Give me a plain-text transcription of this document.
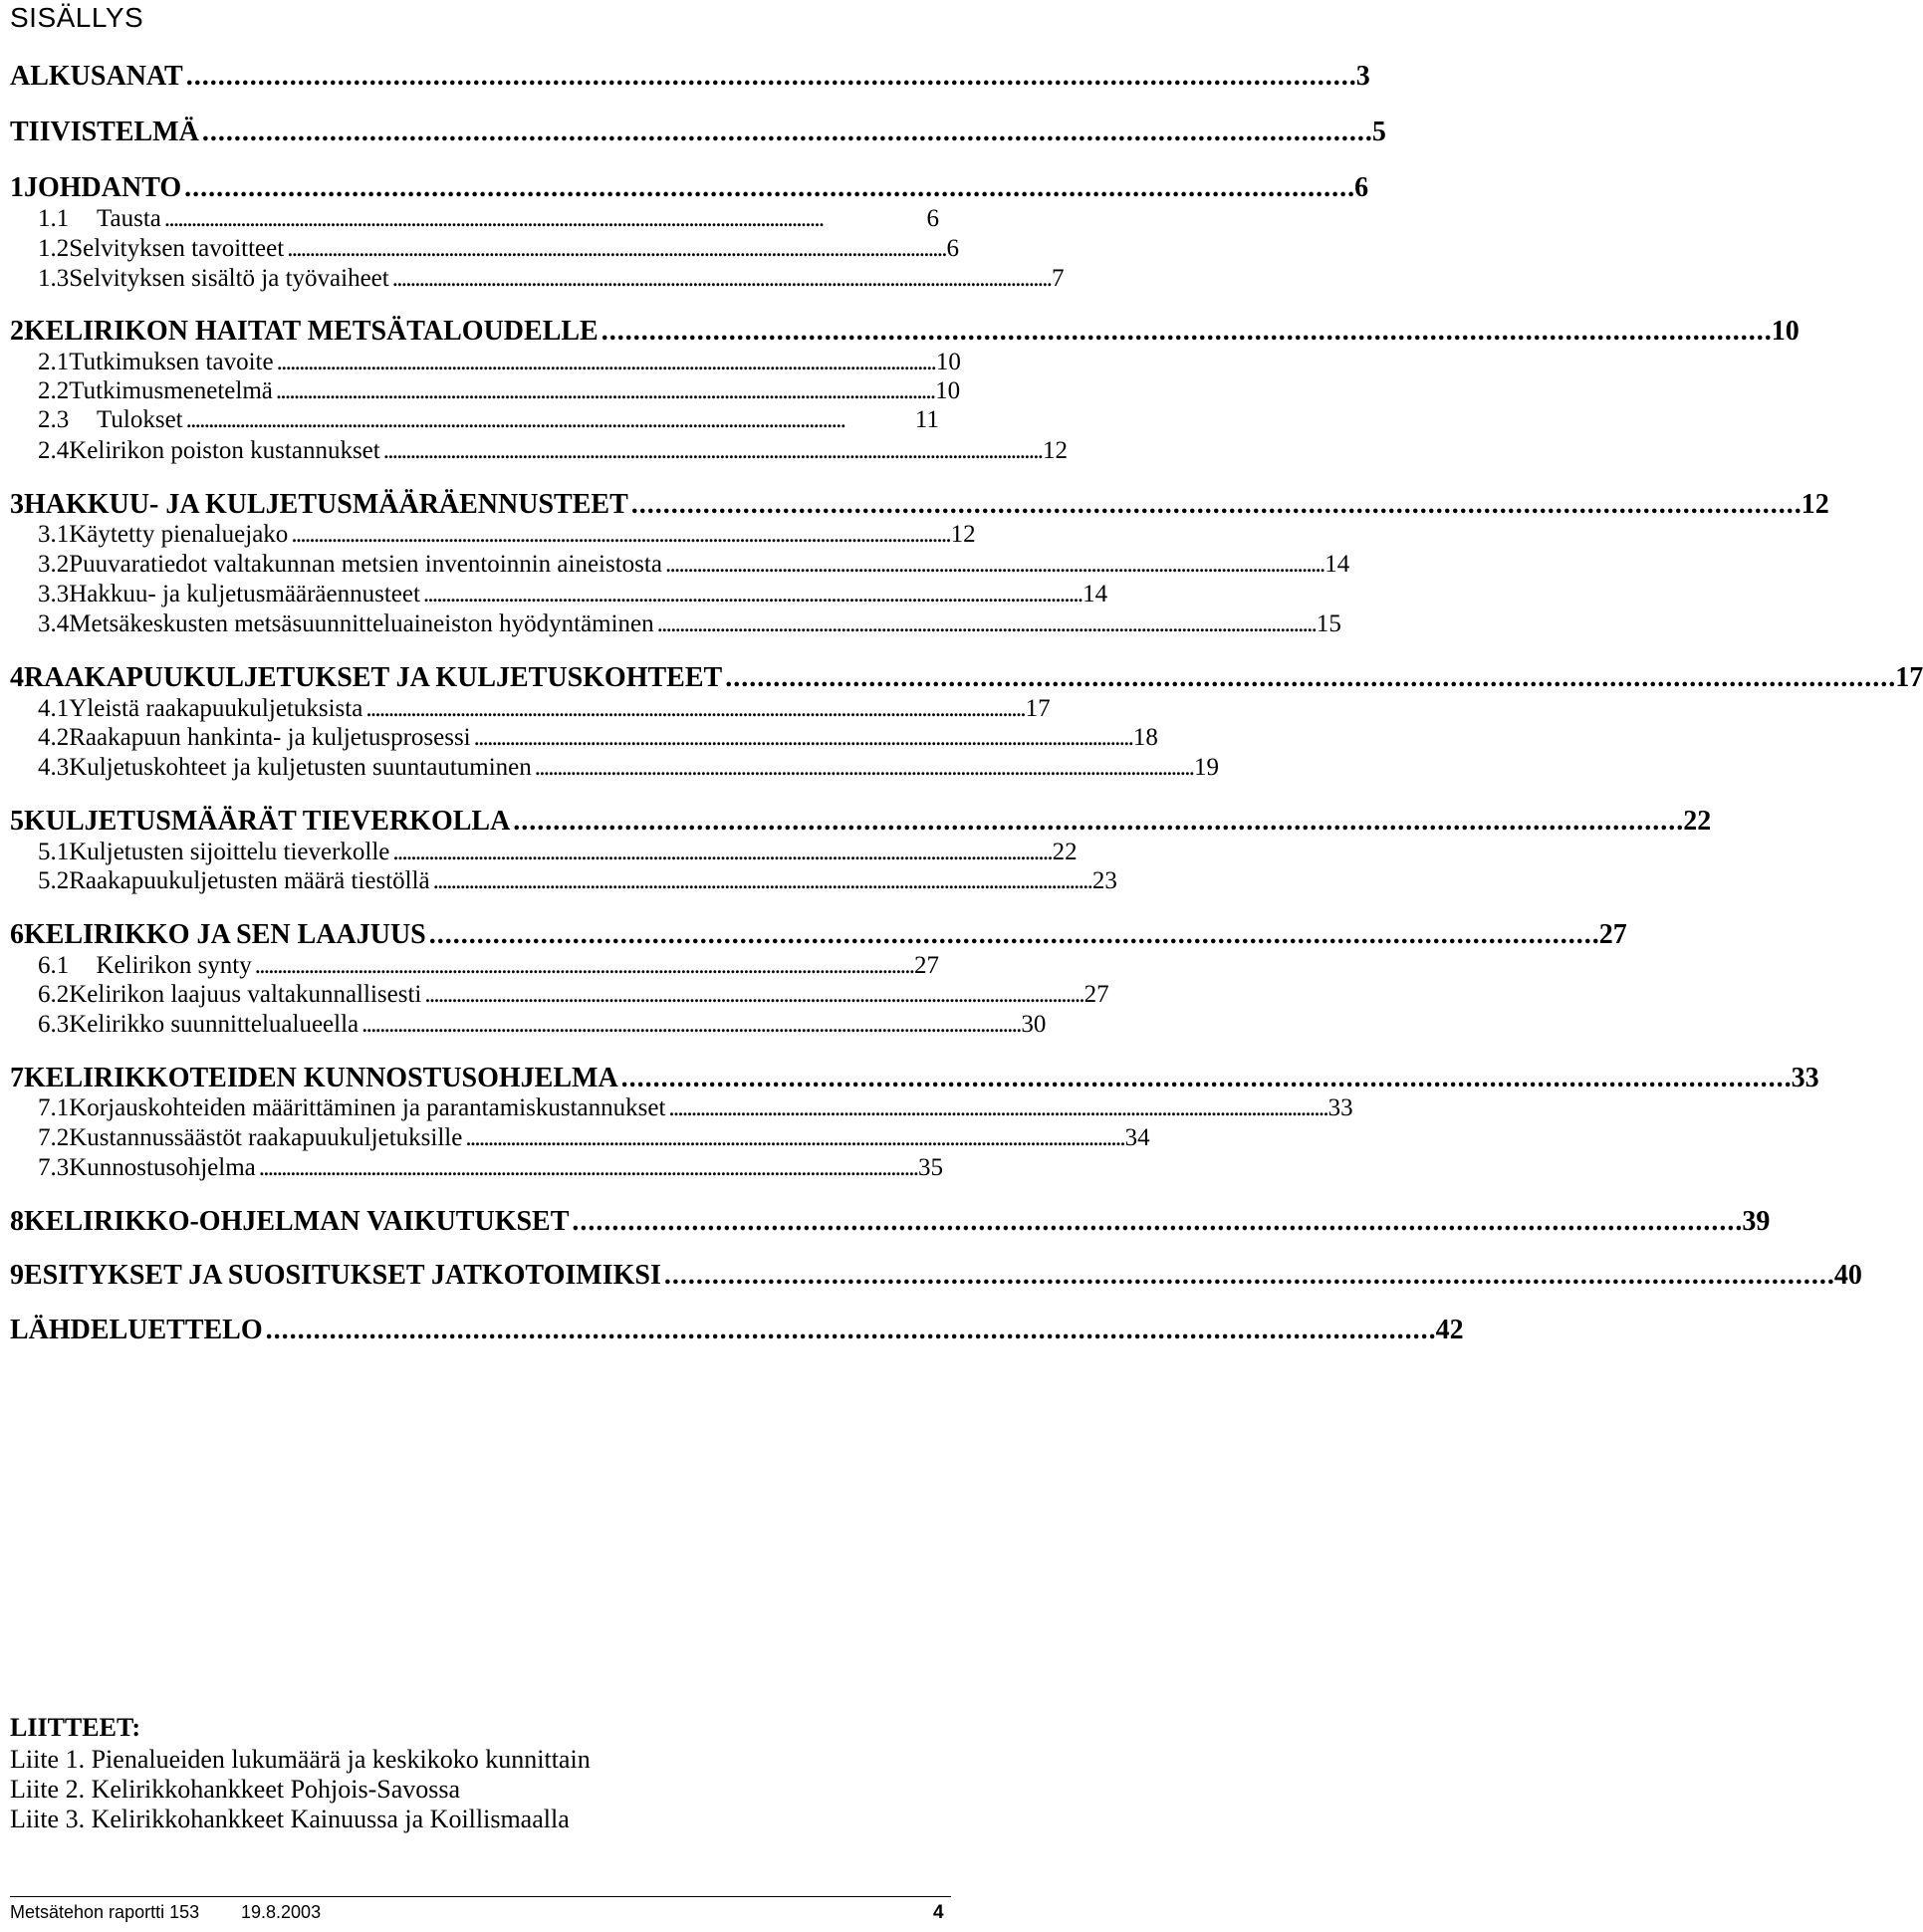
SISÄLLYS
ALKUSANAT . . .	3
TIIVISTELMÄ . . .	5
1 JOHDANTO . . .	6
1.1	Tausta . . .	6
1.2 Selvityksen tavoitteet . . .	6
1.3 Selvityksen sisältö ja työvaiheet . . .	7
2 KELIRIKON HAITAT METSÄTALOUDELLE . . .	10
2.1 Tutkimuksen tavoite . . .	10
2.2 Tutkimusmenetelmä . . .	10
2.3	Tulokset . . .	11
2.4 Kelirikon poiston kustannukset . . .	12
3 HAKKUU- JA KULJETUSMÄÄRÄENNUSTEET . . .	12
3.1 Käytetty pienaluejako . . .	12
3.2 Puuvaratiedot valtakunnan metsien inventoinnin aineistosta . . .	14
3.3 Hakkuu- ja kuljetusmääräennusteet . . .	14
3.4 Metsäkeskusten metsäsuunnitteluaineiston hyödyntäminen . . .	15
4 RAAKAPUUKULJETUKSET JA KULJETUSKOHTEET . . .	17
4.1 Yleistä raakapuukuljetuksista . . .	17
4.2 Raakapuun hankinta- ja kuljetusprosessi . . .	18
4.3 Kuljetuskohteet ja kuljetusten suuntautuminen . . .	19
5 KULJETUSMÄÄRÄT TIEVERKOLLA . . .	22
5.1 Kuljetusten sijoittelu tieverkolle . . .	22
5.2 Raakapuukuljetusten määrä tiestöllä . . .	23
6 KELIRIKKO JA SEN LAAJUUS . . .	27
6.1	Kelirikon synty . . .	27
6.2 Kelirikon laajuus valtakunnallisesti . . .	27
6.3 Kelirikko suunnittelualueella . . .	30
7 KELIRIKKOTEIDEN KUNNOSTUSOHJELMA . . .	33
7.1 Korjauskohteiden määrittäminen ja parantamiskustannukset . . .	33
7.2 Kustannussäästöt raakapuukuljetuksille . . .	34
7.3 Kunnostusohjelma . . .	35
8 KELIRIKKO-OHJELMAN VAIKUTUKSET . . .	39
9 ESITYKSET JA SUOSITUKSET JATKOTOIMIKSI . . .	40
LÄHDELUETTELO . . .	42
LIITTEET:
Liite 1. Pienalueiden lukumäärä ja keskikoko kunnittain
Liite 2. Kelirikkohankkeet Pohjois-Savossa
Liite 3. Kelirikkohankkeet Kainuussa ja Koillismaalla
Metsätehon raportti 153 19.8.2003	4
